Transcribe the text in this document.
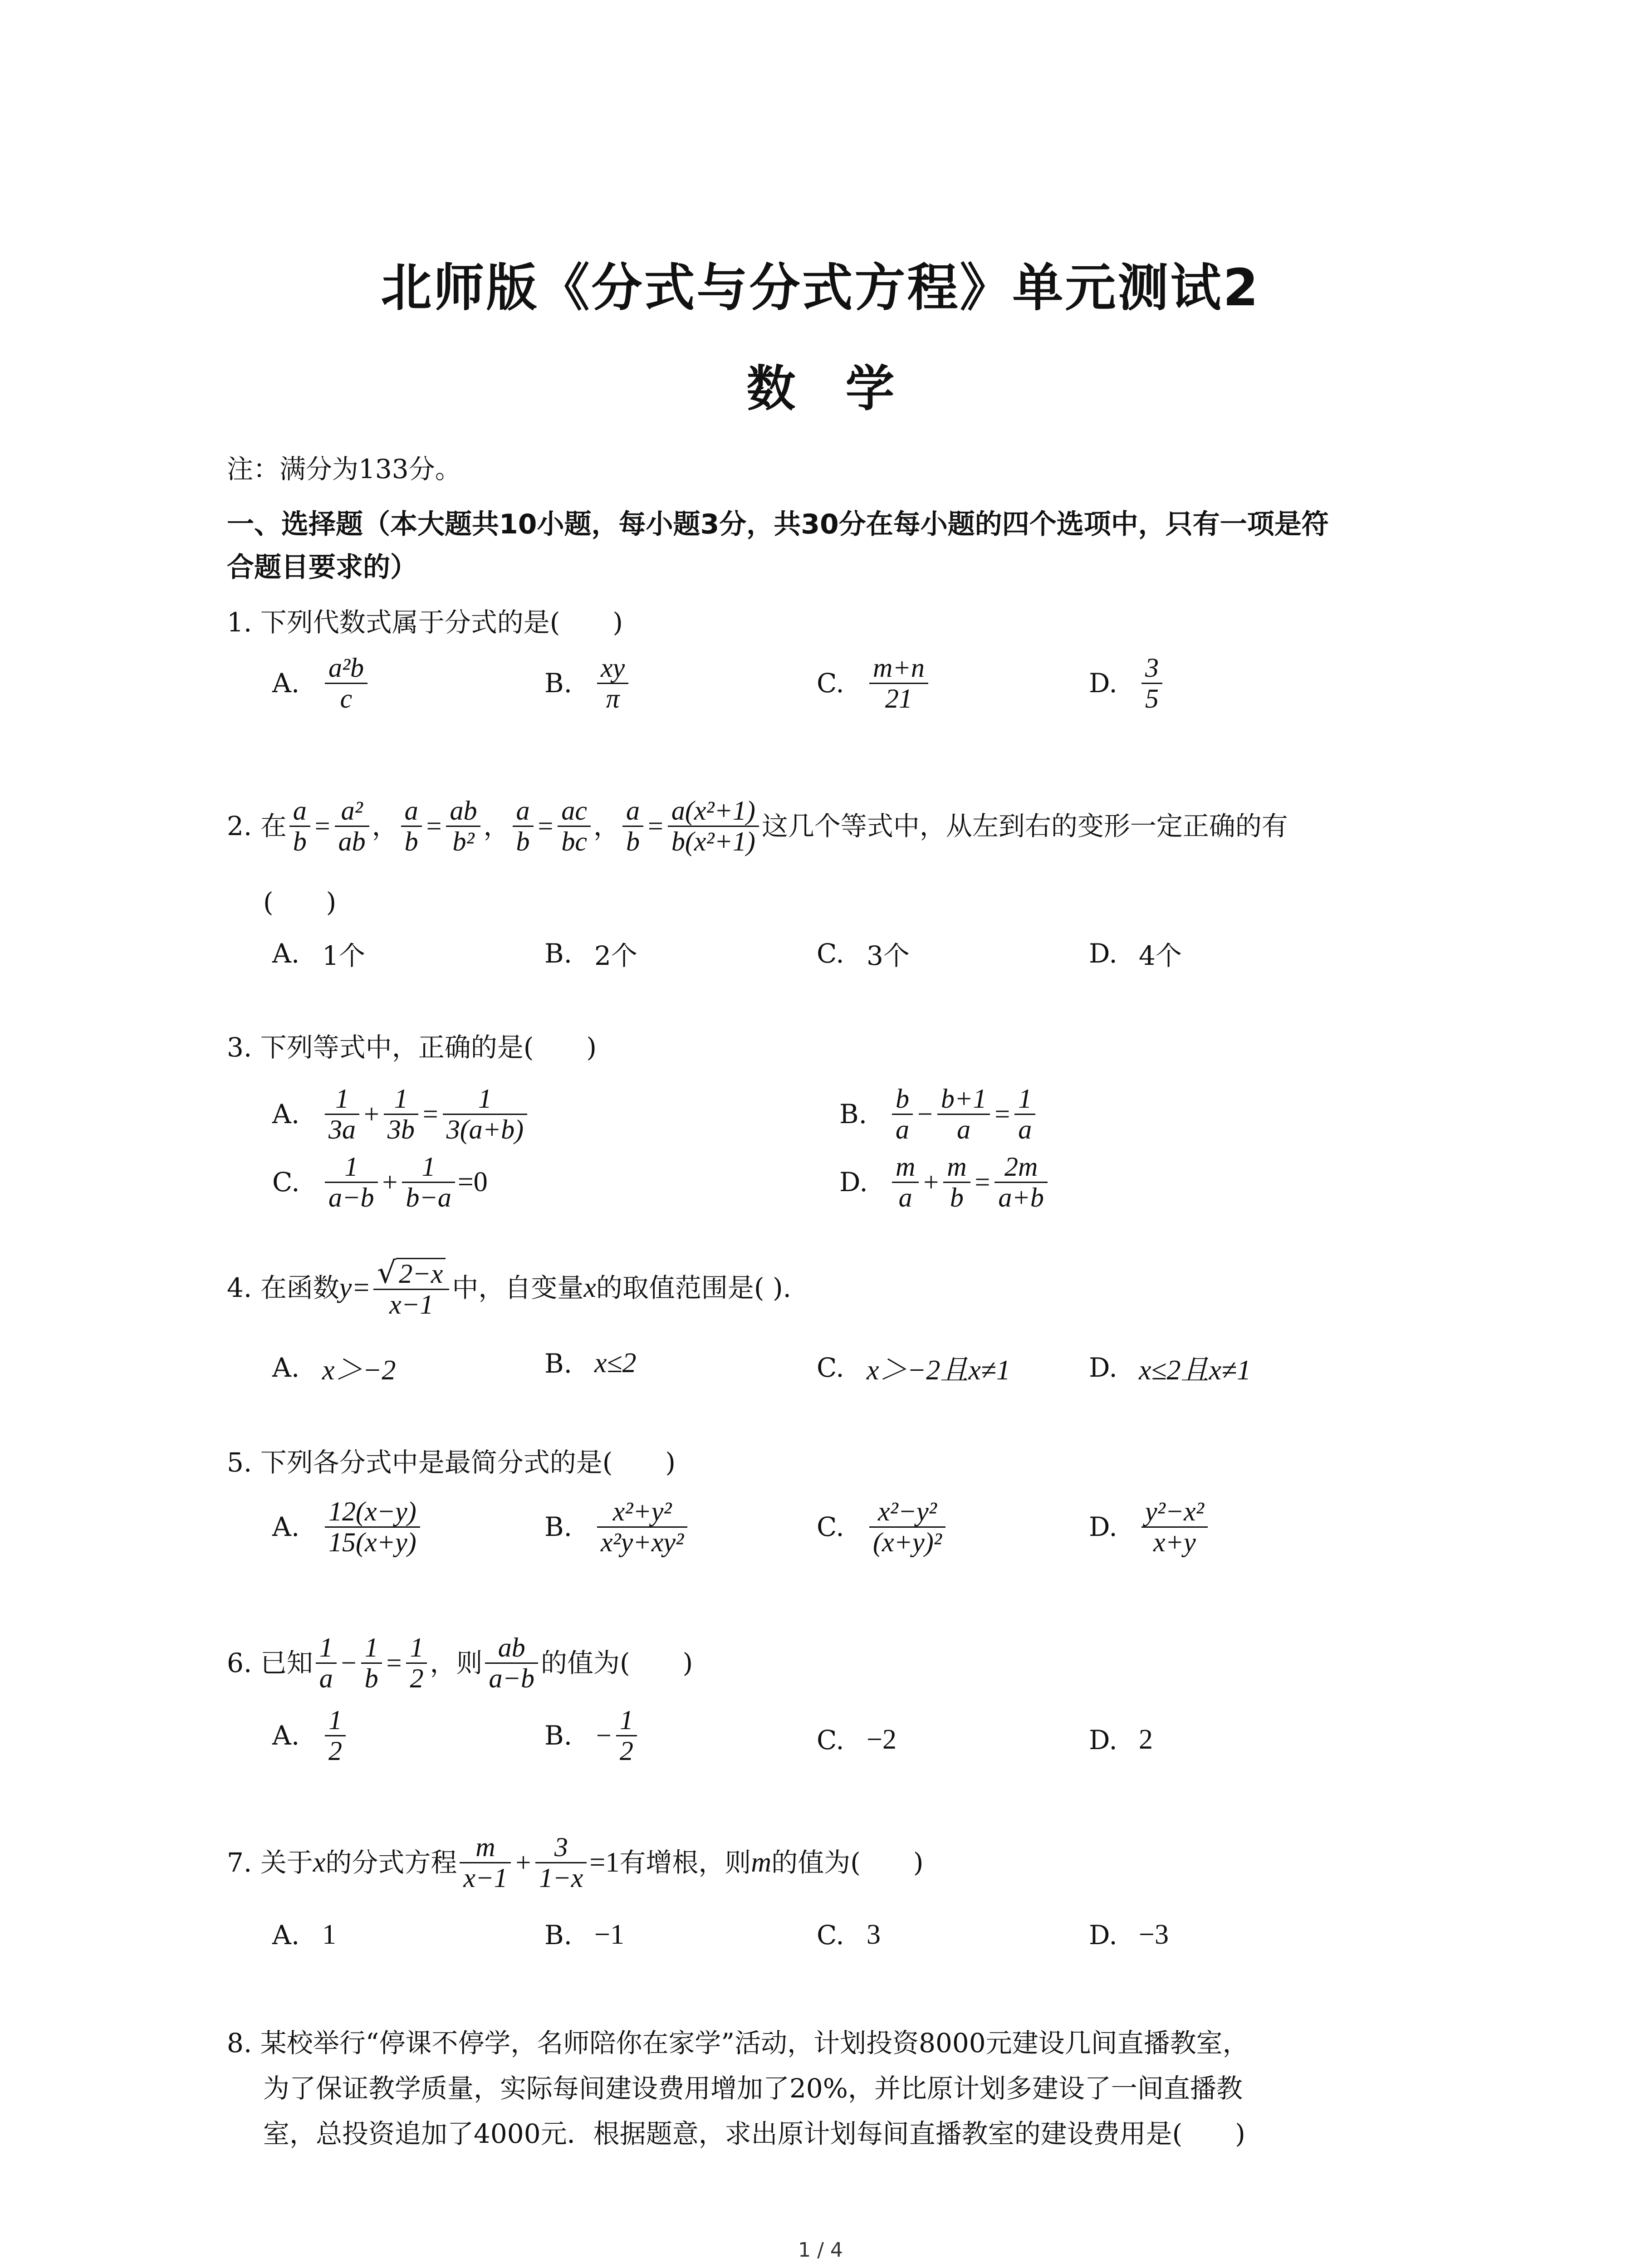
北师版《分式与分式方程》单元测试2
数学
注：满分为133分。
一、选择题（本大题共10小题，每小题3分，共30分在每小题的四个选项中，只有一项是符
合题目要求的）
1. 下列代数式属于分式的是(　　)
A. $\frac{\text{a²b}}{c}$	B. $\frac{xy}{\pi}$	C. $\frac{m+n}{21}$	D. $\frac{3}{5}$
2. 在 $\frac{a}{b} = \frac{\text{a²}}{ab}$ ， $\frac{a}{b} = \frac{ab}{\text{b²}}$ ， $\frac{a}{b} = \frac{ac}{bc}$ ， $\frac{a}{b} = \frac{\text{a(x²+1)}}{\text{b(x²+1)}}$ 这几个等式中，从左到右的变形一定正确的有
(　　)
A. 1个	B. 2个	C. 3个	D. 4个
3. 下列等式中，正确的是(　　)
A. $\frac{1}{3a} + \frac{1}{3b} = \frac{1}{3(a+b)}$	B. $\frac{b}{a} - \frac{b+1}{a} = \frac{1}{a}$
C. $\frac{1}{a-b} + \frac{1}{b-a} =0$	D. $\frac{m}{a} + \frac{m}{b} = \frac{2m}{a+b}$
4. 在函数 $y= \frac{√ 2-x}{x-1}$ 中，自变量 x 的取值范围是( ).
A. x＞−2	B. x≤2	C. x＞−2且x≠1	D. x≤2且x≠1
5. 下列各分式中是最简分式的是(　　)
A. $\frac{12(x-y)}{15(x+y)}$	B. $\frac{\text{x²+y²}}{\text{x²y+xy²}}$	C. $\frac{\text{x²−y²}}{\text{(x+y)²}}$	D. $\frac{\text{y²−x²}}{x+y}$
6. 已知 $\frac{1}{a} - \frac{1}{b} = \frac{1}{2}$ ，则 $\frac{ab}{a-b}$ 的值为(　　)
A. $\frac{1}{2}$	B. − $\frac{1}{2}$	C. −2	D. 2
7. 关于 x 的分式方程 $\frac{m}{x-1} + \frac{3}{1-x} =1$ 有增根，则 m 的值为(　　)
A. 1	B. −1	C. 3	D. −3
8. 某校举行“停课不停学，名师陪你在家学”活动，计划投资8000元建设几间直播教室，
为了保证教学质量，实际每间建设费用增加了20%，并比原计划多建设了一间直播教
室，总投资追加了4000元．根据题意，求出原计划每间直播教室的建设费用是(　　)
1 / 4
